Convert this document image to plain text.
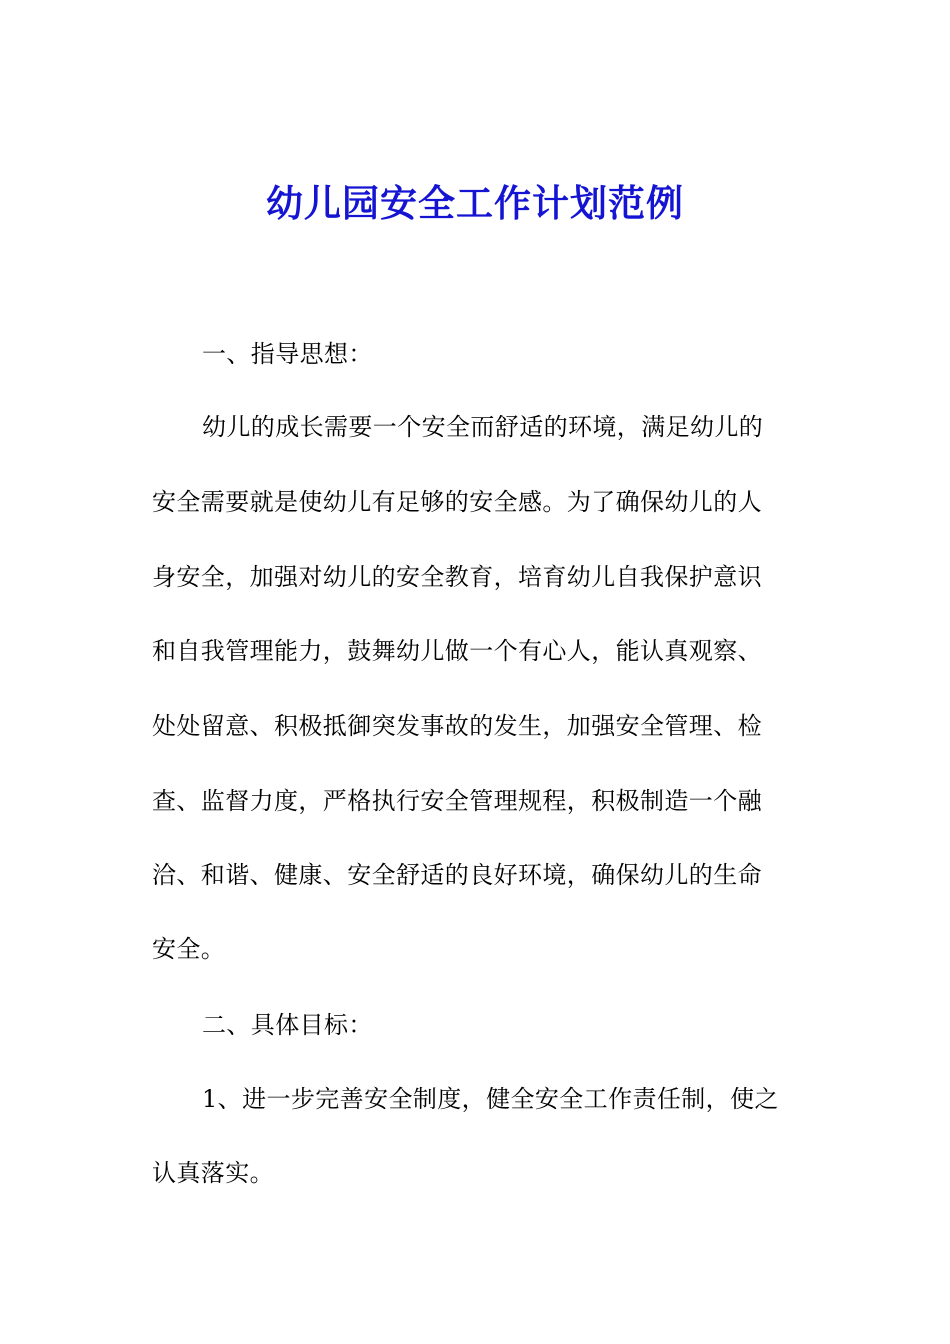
幼儿园安全工作计划范例
一、指导思想：
幼儿的成长需要一个安全而舒适的环境，满足幼儿的
安全需要就是使幼儿有足够的安全感。为了确保幼儿的人
身安全，加强对幼儿的安全教育，培育幼儿自我保护意识
和自我管理能力，鼓舞幼儿做一个有心人，能认真观察、
处处留意、积极抵御突发事故的发生，加强安全管理、检
查、监督力度，严格执行安全管理规程，积极制造一个融
洽、和谐、健康、安全舒适的良好环境，确保幼儿的生命
安全。
二、具体目标：
1、进一步完善安全制度，健全安全工作责任制，使之
认真落实。
